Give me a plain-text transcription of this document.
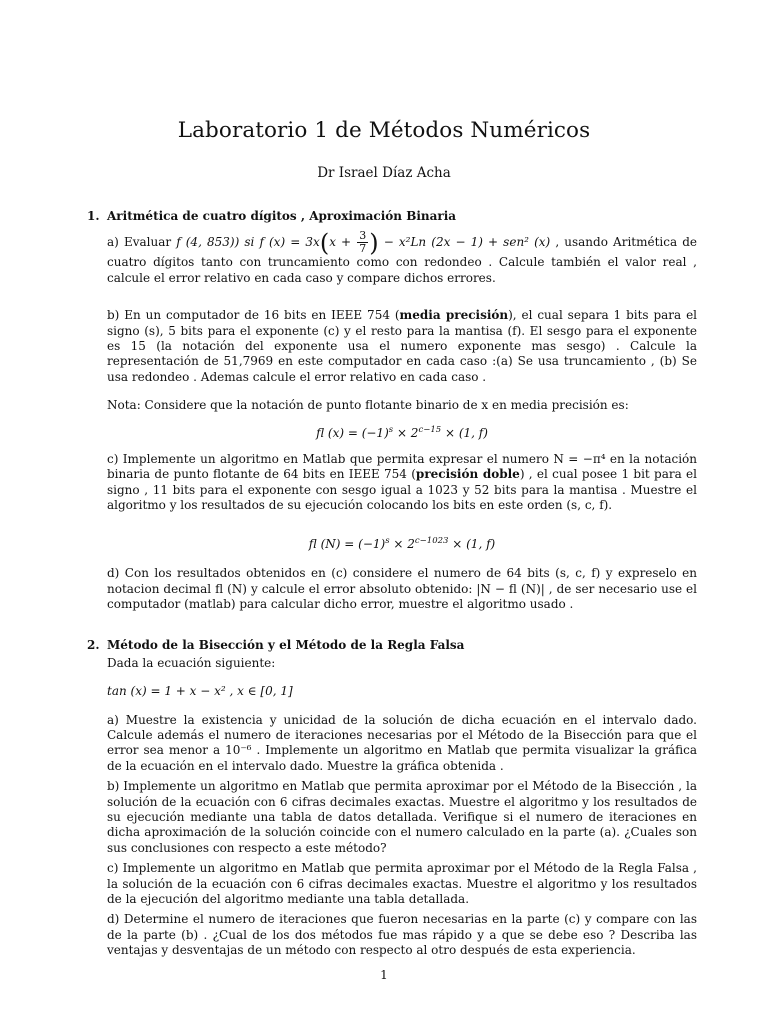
Laboratorio 1 de Métodos Numéricos
Dr Israel Díaz Acha
1. Aritmética de cuatro dígitos , Aproximación Binaria

a) Evaluar f (4, 853)) si f $(x) = 3x(x + \frac{3}{7}$ ) − x²Ln (2x − 1) + sen² (x) , usando Aritmética de cuatro dígitos tanto con truncamiento como con redondeo . Calcule también el valor real , calcule el error relativo en cada caso y compare dichos errores.

b) En un computador de 16 bits en IEEE 754 (media precisión), el cual separa 1 bits para el signo (s), 5 bits para el exponente (c) y el resto para la mantisa (f). El sesgo para el exponente es 15 (la notación del exponente usa el numero exponente mas sesgo) . Calcule la representación de 51,7969 en este computador en cada caso :(a) Se usa truncamiento , (b) Se usa redondeo . Ademas calcule el error relativo en cada caso .

Nota: Considere que la notación de punto flotante binario de x en media precisión es:

fl $(x) = (-1)^s \times 2^{c-15} \times (1$, f)

c) Implemente un algoritmo en Matlab que permita expresar el numero N = −π⁴ en la notación binaria de punto flotante de 64 bits en IEEE 754 (precisión doble) , el cual posee 1 bit para el signo , 11 bits para el exponente con sesgo igual a 1023 y 52 bits para la mantisa . Muestre el algoritmo y los resultados de su ejecución colocando los bits en este orden (s, c, f).

fl $(N) = (-1)^s \times 2^{c-1023} \times (1$, f)

d) Con los resultados obtenidos en (c) considere el numero de 64 bits (s, c, f) y expreselo en notacion decimal fl (N) y calcule el error absoluto obtenido: |N − fl (N)| , de ser necesario use el computador (matlab) para calcular dicho error, muestre el algoritmo usado .

2. Método de la Bisección y el Método de la Regla Falsa

Dada la ecuación siguiente:

tan (x) = 1 + x − x² , x ∈ [0, 1]

a) Muestre la existencia y unicidad de la solución de dicha ecuación en el intervalo dado. Calcule además el numero de iteraciones necesarias por el Método de la Bisección para que el error sea menor a 10⁻⁶ . Implemente un algoritmo en Matlab que permita visualizar la gráfica de la ecuación en el intervalo dado. Muestre la gráfica obtenida .

b) Implemente un algoritmo en Matlab que permita aproximar por el Método de la Bisección , la solución de la ecuación con 6 cifras decimales exactas. Muestre el algoritmo y los resultados de su ejecución mediante una tabla de datos detallada. Verifique si el numero de iteraciones en dicha aproximación de la solución coincide con el numero calculado en la parte (a). ¿Cuales son sus conclusiones con respecto a este método?

c) Implemente un algoritmo en Matlab que permita aproximar por el Método de la Regla Falsa , la solución de la ecuación con 6 cifras decimales exactas. Muestre el algoritmo y los resultados de la ejecución del algoritmo mediante una tabla detallada.

d) Determine el numero de iteraciones que fueron necesarias en la parte (c) y compare con las de la parte (b) . ¿Cual de los dos métodos fue mas rápido y a que se debe eso ? Describa las ventajas y desventajas de un método con respecto al otro después de esta experiencia.

1
